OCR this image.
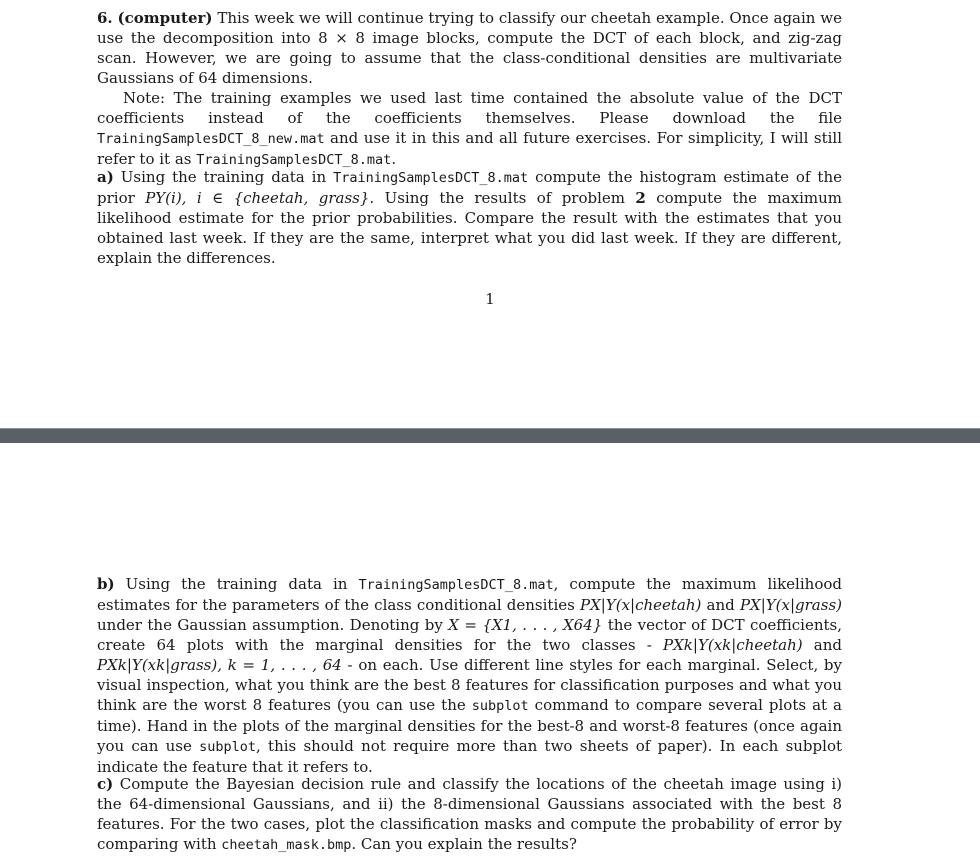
6. (computer) This week we will continue trying to classify our cheetah example. Once again we use the decomposition into 8 × 8 image blocks, compute the DCT of each block, and zig-zag scan. However, we are going to assume that the class-conditional densities are multivariate Gaussians of 64 dimensions.

Note: The training examples we used last time contained the absolute value of the DCT coefficients instead of the coefficients themselves. Please download the file TrainingSamplesDCT_8_new.mat and use it in this and all future exercises. For simplicity, I will still refer to it as TrainingSamplesDCT_8.mat.

a) Using the training data in TrainingSamplesDCT_8.mat compute the histogram estimate of the prior PY(i), i ∈ {cheetah, grass}. Using the results of problem 2 compute the maximum likelihood estimate for the prior probabilities. Compare the result with the estimates that you obtained last week. If they are the same, interpret what you did last week. If they are different, explain the differences.

1

b) Using the training data in TrainingSamplesDCT_8.mat, compute the maximum likelihood estimates for the parameters of the class conditional densities PX|Y(x|cheetah) and PX|Y(x|grass) under the Gaussian assumption. Denoting by X = {X1, . . . , X64} the vector of DCT coefficients, create 64 plots with the marginal densities for the two classes - PXk|Y(xk|cheetah) and PXk|Y(xk|grass), k = 1, . . . , 64 - on each. Use different line styles for each marginal. Select, by visual inspection, what you think are the best 8 features for classification purposes and what you think are the worst 8 features (you can use the subplot command to compare several plots at a time). Hand in the plots of the marginal densities for the best-8 and worst-8 features (once again you can use subplot, this should not require more than two sheets of paper). In each subplot indicate the feature that it refers to.

c) Compute the Bayesian decision rule and classify the locations of the cheetah image using i) the 64-dimensional Gaussians, and ii) the 8-dimensional Gaussians associated with the best 8 features. For the two cases, plot the classification masks and compute the probability of error by comparing with cheetah_mask.bmp. Can you explain the results?
